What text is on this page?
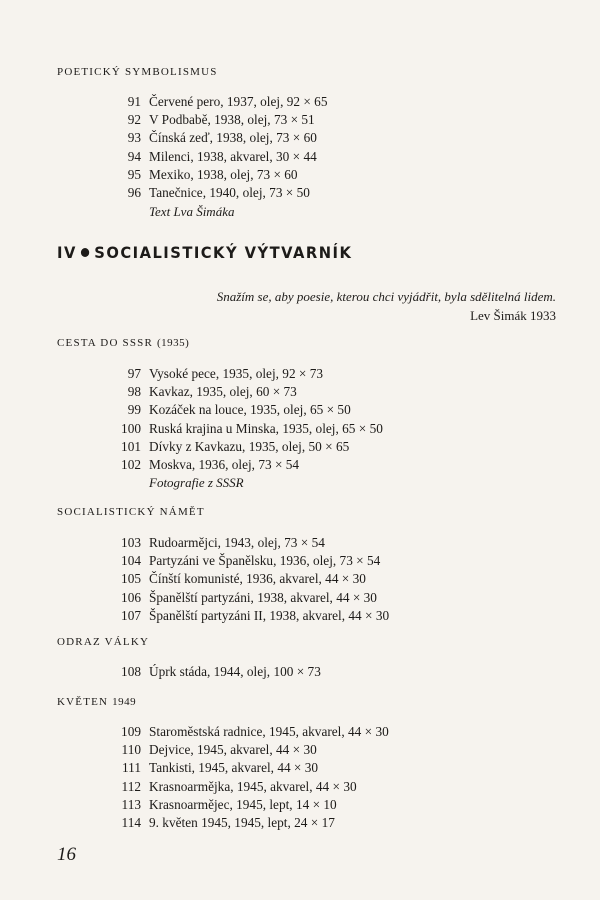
POETICKÝ SYMBOLISMUS
91 Červené pero, 1937, olej, 92 × 65
92 V Podbabě, 1938, olej, 73 × 51
93 Čínská zeď, 1938, olej, 73 × 60
94 Milenci, 1938, akvarel, 30 × 44
95 Mexiko, 1938, olej, 73 × 60
96 Tanečnice, 1940, olej, 73 × 50
Text Lva Šimáka
IV SOCIALISTICKÝ VÝTVARNÍK
Snažím se, aby poesie, kterou chci vyjádřit, byla sdělitelná lidem.
Lev Šimák 1933
CESTA DO SSSR (1935)
97 Vysoké pece, 1935, olej, 92 × 73
98 Kavkaz, 1935, olej, 60 × 73
99 Kozáček na louce, 1935, olej, 65 × 50
100 Ruská krajina u Minska, 1935, olej, 65 × 50
101 Dívky z Kavkazu, 1935, olej, 50 × 65
102 Moskva, 1936, olej, 73 × 54
Fotografie z SSSR
SOCIALISTICKÝ NÁMĚT
103 Rudoarmějci, 1943, olej, 73 × 54
104 Partyzáni ve Španělsku, 1936, olej, 73 × 54
105 Čínští komunisté, 1936, akvarel, 44 × 30
106 Španělští partyzáni, 1938, akvarel, 44 × 30
107 Španělští partyzáni II, 1938, akvarel, 44 × 30
ODRAZ VÁLKY
108 Úprk stáda, 1944, olej, 100 × 73
KVĚTEN 1949
109 Staroměstská radnice, 1945, akvarel, 44 × 30
110 Dejvice, 1945, akvarel, 44 × 30
111 Tankisti, 1945, akvarel, 44 × 30
112 Krasnoarmějka, 1945, akvarel, 44 × 30
113 Krasnoarmějec, 1945, lept, 14 × 10
114 9. květen 1945, 1945, lept, 24 × 17
16
